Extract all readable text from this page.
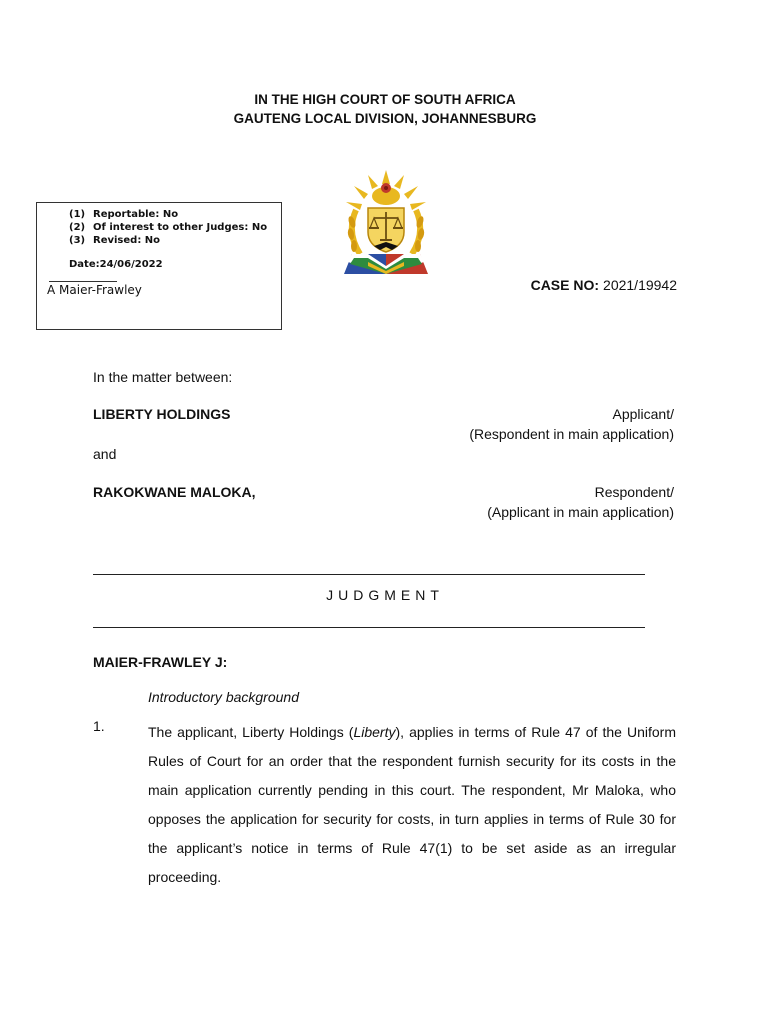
IN THE HIGH COURT OF SOUTH AFRICA
GAUTENG LOCAL DIVISION, JOHANNESBURG
(1) Reportable: No
(2) Of interest to other Judges: No
(3) Revised: No
Date:24/06/2022
A Maier-Frawley	CASE NO: 2021/19942
In the matter between:
LIBERTY HOLDINGS	Applicant/
(Respondent in main application)
and
RAKOKWANE MALOKA,	Respondent/
(Applicant in main application)
JUDGMENT
MAIER-FRAWLEY J:
Introductory background
1.	The applicant, Liberty Holdings (Liberty), applies in terms of Rule 47 of the Uniform Rules of Court for an order that the respondent furnish security for its costs in the main application currently pending in this court. The respondent, Mr Maloka, who opposes the application for security for costs, in turn applies in terms of Rule 30 for the applicant’s notice in terms of Rule 47(1) to be set aside as an irregular proceeding.
